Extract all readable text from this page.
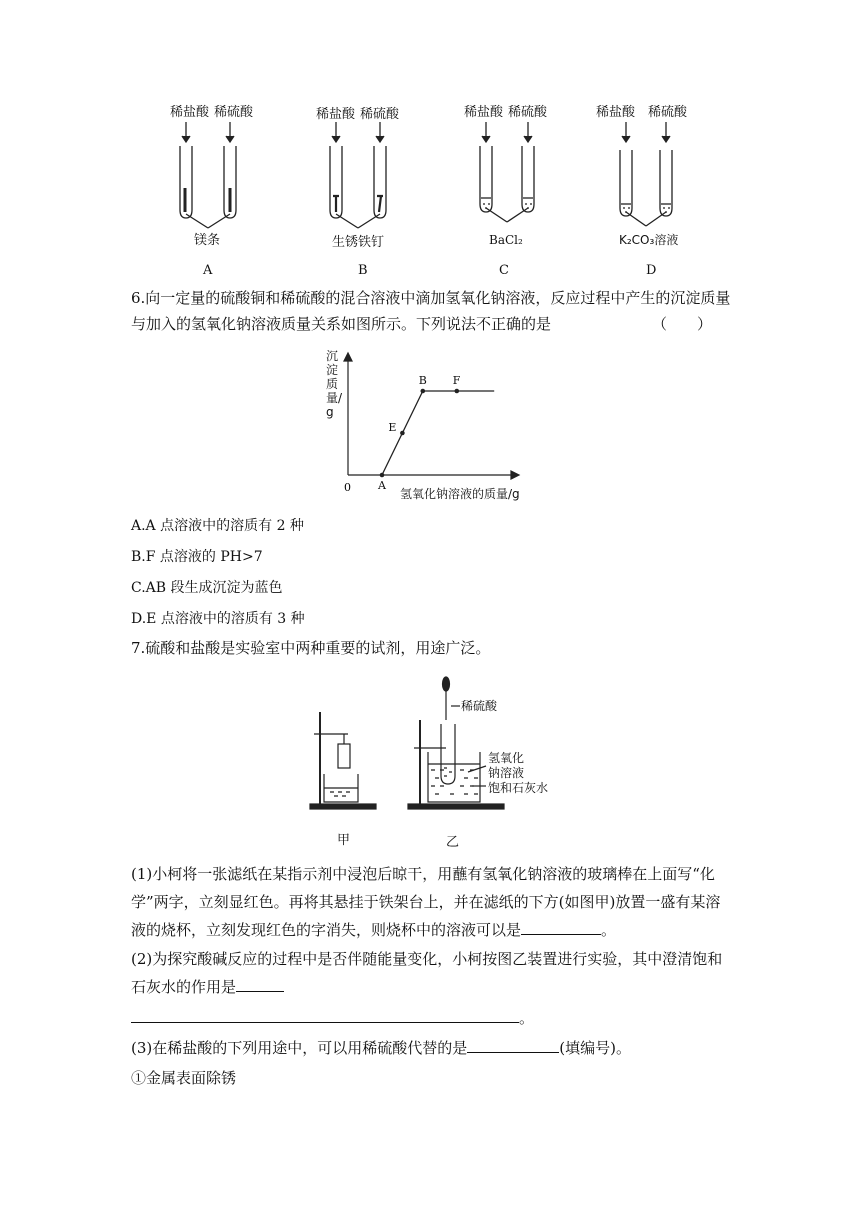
稀盐酸 稀硫酸	稀盐酸 稀硫酸	稀盐酸 稀硫酸	稀盐酸 稀硫酸
镁条	生锈铁钉	BaCl₂	K₂CO₃溶液
A	B	C	D
6.向一定量的硫酸铜和稀硫酸的混合溶液中滴加氢氧化钠溶液，反应过程中产生的沉淀质量
与加入的氢氧化钠溶液质量关系如图所示。下列说法不正确的是	（　　）
A
E
B F
0
沉淀质量/g
氢氧化钠溶液的质量/g
A.A 点溶液中的溶质有 2 种
B.F 点溶液的 PH>7
C.AB 段生成沉淀为蓝色
D.E 点溶液中的溶质有 3 种
7.硫酸和盐酸是实验室中两种重要的试剂，用途广泛。
稀硫酸
氢氧化
钠溶液
饱和石灰水
甲	乙
(1)小柯将一张滤纸在某指示剂中浸泡后晾干，用蘸有氢氧化钠溶液的玻璃棒在上面写“化
学”两字，立刻显红色。再将其悬挂于铁架台上，并在滤纸的下方(如图甲)放置一盛有某溶
液的烧杯，立刻发现红色的字消失，则烧杯中的溶液可以是	。
(2)为探究酸碱反应的过程中是否伴随能量变化，小柯按图乙装置进行实验，其中澄清饱和
石灰水的作用是
。
(3)在稀盐酸的下列用途中，可以用稀硫酸代替的是	(填编号)。
①金属表面除锈
